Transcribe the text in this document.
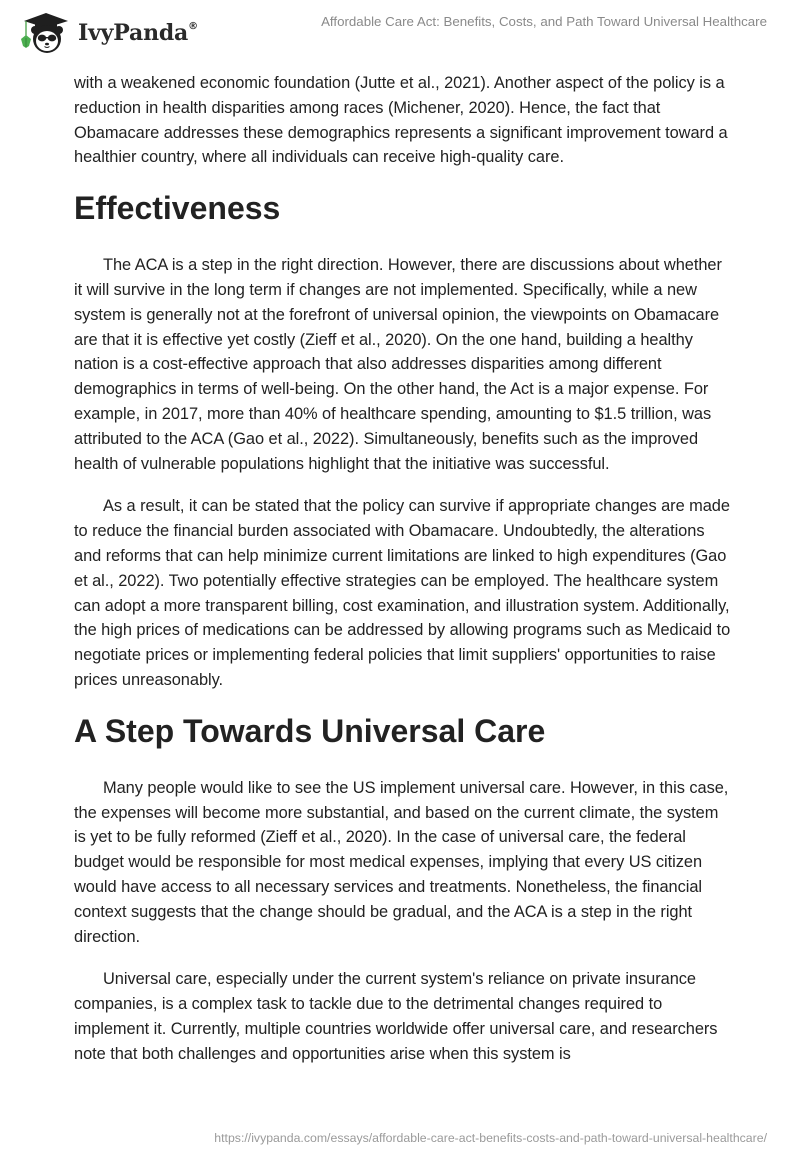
IvyPanda®	Affordable Care Act: Benefits, Costs, and Path Toward Universal Healthcare

with a weakened economic foundation (Jutte et al., 2021). Another aspect of the policy is a reduction in health disparities among races (Michener, 2020). Hence, the fact that Obamacare addresses these demographics represents a significant improvement toward a healthier country, where all individuals can receive high-quality care.

Effectiveness

The ACA is a step in the right direction. However, there are discussions about whether it will survive in the long term if changes are not implemented. Specifically, while a new system is generally not at the forefront of universal opinion, the viewpoints on Obamacare are that it is effective yet costly (Zieff et al., 2020). On the one hand, building a healthy nation is a cost-effective approach that also addresses disparities among different demographics in terms of well-being. On the other hand, the Act is a major expense. For example, in 2017, more than 40% of healthcare spending, amounting to $1.5 trillion, was attributed to the ACA (Gao et al., 2022). Simultaneously, benefits such as the improved health of vulnerable populations highlight that the initiative was successful.

As a result, it can be stated that the policy can survive if appropriate changes are made to reduce the financial burden associated with Obamacare. Undoubtedly, the alterations and reforms that can help minimize current limitations are linked to high expenditures (Gao et al., 2022). Two potentially effective strategies can be employed. The healthcare system can adopt a more transparent billing, cost examination, and illustration system. Additionally, the high prices of medications can be addressed by allowing programs such as Medicaid to negotiate prices or implementing federal policies that limit suppliers' opportunities to raise prices unreasonably.

A Step Towards Universal Care

Many people would like to see the US implement universal care. However, in this case, the expenses will become more substantial, and based on the current climate, the system is yet to be fully reformed (Zieff et al., 2020). In the case of universal care, the federal budget would be responsible for most medical expenses, implying that every US citizen would have access to all necessary services and treatments. Nonetheless, the financial context suggests that the change should be gradual, and the ACA is a step in the right direction.

Universal care, especially under the current system's reliance on private insurance companies, is a complex task to tackle due to the detrimental changes required to implement it. Currently, multiple countries worldwide offer universal care, and researchers note that both challenges and opportunities arise when this system is

https://ivypanda.com/essays/affordable-care-act-benefits-costs-and-path-toward-universal-healthcare/
